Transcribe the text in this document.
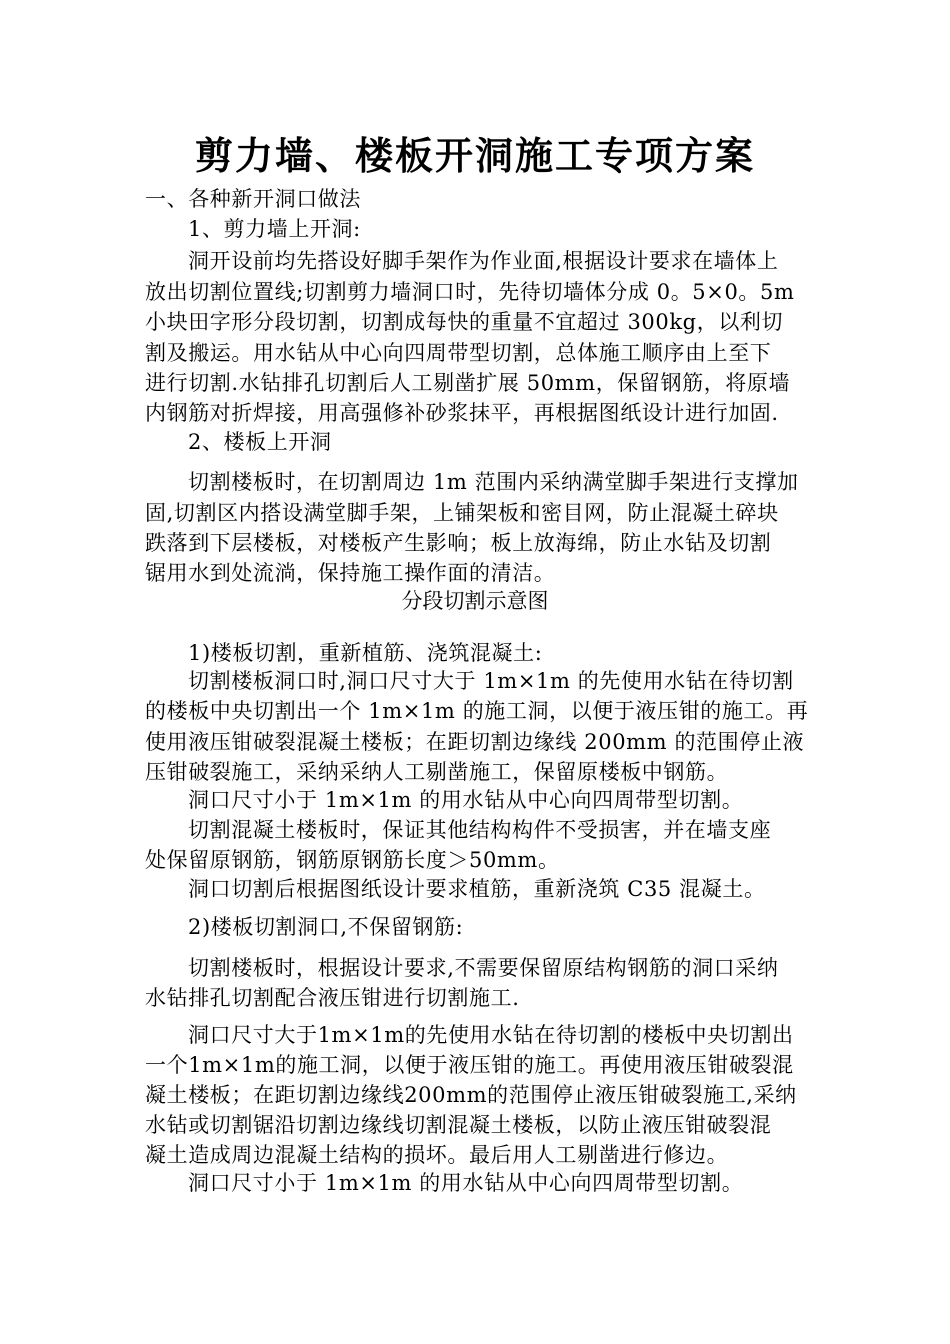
剪力墙、楼板开洞施工专项方案
一、各种新开洞口做法
1、剪力墙上开洞:
洞开设前均先搭设好脚手架作为作业面,根据设计要求在墙体上
放出切割位置线;切割剪力墙洞口时，先待切墙体分成 0。5×0。5m
小块田字形分段切割，切割成每快的重量不宜超过 300kg，以利切
割及搬运。用水钻从中心向四周带型切割，总体施工顺序由上至下
进行切割.水钻排孔切割后人工剔凿扩展 50mm，保留钢筋，将原墙
内钢筋对折焊接，用高强修补砂浆抹平，再根据图纸设计进行加固.
2、楼板上开洞
切割楼板时，在切割周边 1m 范围内采纳满堂脚手架进行支撑加
固,切割区内搭设满堂脚手架，上铺架板和密目网，防止混凝土碎块
跌落到下层楼板，对楼板产生影响；板上放海绵，防止水钻及切割
锯用水到处流淌，保持施工操作面的清洁。
分段切割示意图
1)楼板切割，重新植筋、浇筑混凝土:
切割楼板洞口时,洞口尺寸大于 1m×1m 的先使用水钻在待切割
的楼板中央切割出一个 1m×1m 的施工洞，以便于液压钳的施工。再
使用液压钳破裂混凝土楼板；在距切割边缘线 200mm 的范围停止液
压钳破裂施工，采纳采纳人工剔凿施工，保留原楼板中钢筋。
洞口尺寸小于 1m×1m 的用水钻从中心向四周带型切割。
切割混凝土楼板时，保证其他结构构件不受损害，并在墙支座
处保留原钢筋，钢筋原钢筋长度＞50mm。
洞口切割后根据图纸设计要求植筋，重新浇筑 C35 混凝土。
2)楼板切割洞口,不保留钢筋:
切割楼板时，根据设计要求,不需要保留原结构钢筋的洞口采纳
水钻排孔切割配合液压钳进行切割施工.
洞口尺寸大于1m×1m的先使用水钻在待切割的楼板中央切割出
一个1m×1m的施工洞，以便于液压钳的施工。再使用液压钳破裂混
凝土楼板；在距切割边缘线200mm的范围停止液压钳破裂施工,采纳
水钻或切割锯沿切割边缘线切割混凝土楼板，以防止液压钳破裂混
凝土造成周边混凝土结构的损坏。最后用人工剔凿进行修边。
洞口尺寸小于 1m×1m 的用水钻从中心向四周带型切割。
